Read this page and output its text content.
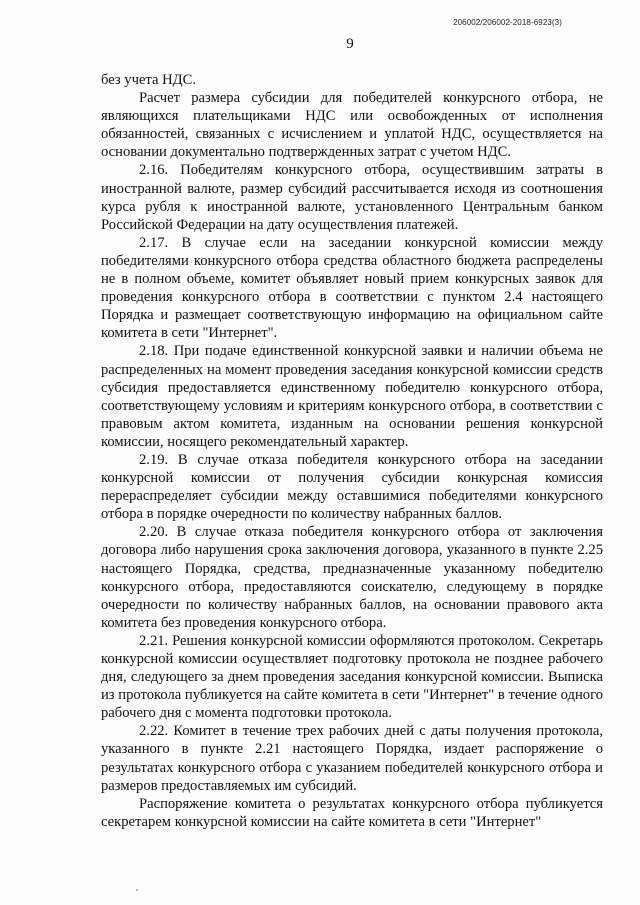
206002/206002-2018-6923(3)
9

без учета НДС.

Расчет размера субсидии для победителей конкурсного отбора, не являющихся плательщиками НДС или освобожденных от исполнения обязанностей, связанных с исчислением и уплатой НДС, осуществляется на основании документально подтвержденных затрат с учетом НДС.

2.16. Победителям конкурсного отбора, осуществившим затраты в иностранной валюте, размер субсидий рассчитывается исходя из соотношения курса рубля к иностранной валюте, установленного Центральным банком Российской Федерации на дату осуществления платежей.

2.17. В случае если на заседании конкурсной комиссии между победителями конкурсного отбора средства областного бюджета распределены не в полном объеме, комитет объявляет новый прием конкурсных заявок для проведения конкурсного отбора в соответствии с пунктом 2.4 настоящего Порядка и размещает соответствующую информацию на официальном сайте комитета в сети "Интернет".

2.18. При подаче единственной конкурсной заявки и наличии объема не распределенных на момент проведения заседания конкурсной комиссии средств субсидия предоставляется единственному победителю конкурсного отбора, соответствующему условиям и критериям конкурсного отбора, в соответствии с правовым актом комитета, изданным на основании решения конкурсной комиссии, носящего рекомендательный характер.

2.19. В случае отказа победителя конкурсного отбора на заседании конкурсной комиссии от получения субсидии конкурсная комиссия перераспределяет субсидии между оставшимися победителями конкурсного отбора в порядке очередности по количеству набранных баллов.

2.20. В случае отказа победителя конкурсного отбора от заключения договора либо нарушения срока заключения договора, указанного в пункте 2.25 настоящего Порядка, средства, предназначенные указанному победителю конкурсного отбора, предоставляются соискателю, следующему в порядке очередности по количеству набранных баллов, на основании правового акта комитета без проведения конкурсного отбора.

2.21. Решения конкурсной комиссии оформляются протоколом. Секретарь конкурсной комиссии осуществляет подготовку протокола не позднее рабочего дня, следующего за днем проведения заседания конкурсной комиссии. Выписка из протокола публикуется на сайте комитета в сети "Интернет" в течение одного рабочего дня с момента подготовки протокола.

2.22. Комитет в течение трех рабочих дней с даты получения протокола, указанного в пункте 2.21 настоящего Порядка, издает распоряжение о результатах конкурсного отбора с указанием победителей конкурсного отбора и размеров предоставляемых им субсидий.

Распоряжение комитета о результатах конкурсного отбора публикуется секретарем конкурсной комиссии на сайте комитета в сети "Интернет"
